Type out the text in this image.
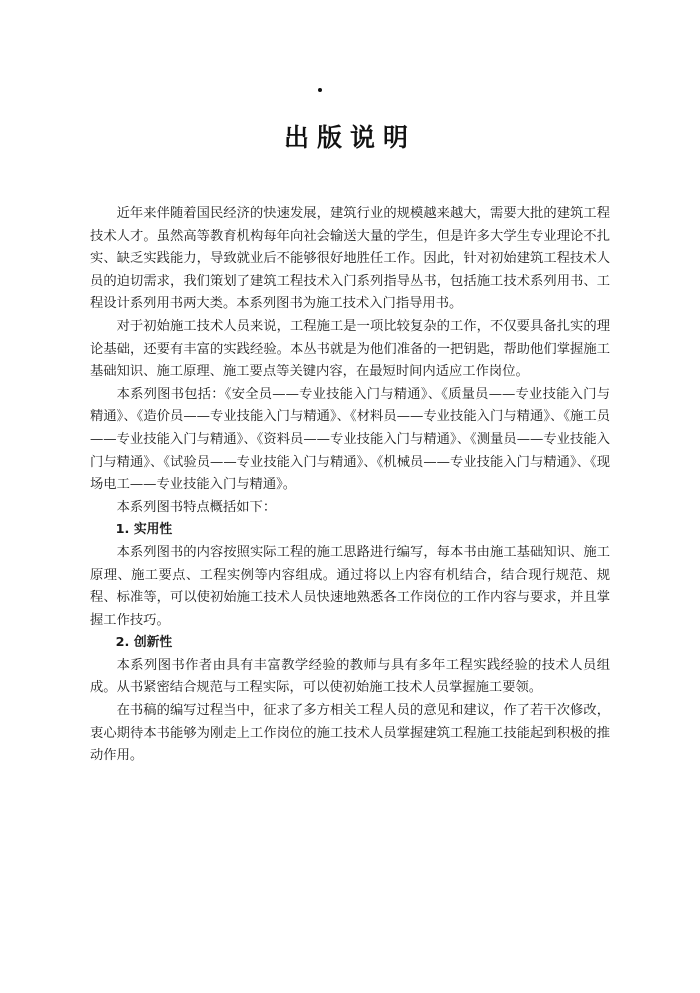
出版说明

近年来伴随着国民经济的快速发展，建筑行业的规模越来越大，需要大批的建筑工程技术人才。虽然高等教育机构每年向社会输送大量的学生，但是许多大学生专业理论不扎实、缺乏实践能力，导致就业后不能够很好地胜任工作。因此，针对初始建筑工程技术人员的迫切需求，我们策划了建筑工程技术入门系列指导丛书，包括施工技术系列用书、工程设计系列用书两大类。本系列图书为施工技术入门指导用书。

对于初始施工技术人员来说，工程施工是一项比较复杂的工作，不仅要具备扎实的理论基础，还要有丰富的实践经验。本丛书就是为他们准备的一把钥匙，帮助他们掌握施工基础知识、施工原理、施工要点等关键内容，在最短时间内适应工作岗位。

本系列图书包括：《安全员——专业技能入门与精通》、《质量员——专业技能入门与精通》、《造价员——专业技能入门与精通》、《材料员——专业技能入门与精通》、《施工员——专业技能入门与精通》、《资料员——专业技能入门与精通》、《测量员——专业技能入门与精通》、《试验员——专业技能入门与精通》、《机械员——专业技能入门与精通》、《现场电工——专业技能入门与精通》。

本系列图书特点概括如下：

1. 实用性

本系列图书的内容按照实际工程的施工思路进行编写，每本书由施工基础知识、施工原理、施工要点、工程实例等内容组成。通过将以上内容有机结合，结合现行规范、规程、标准等，可以使初始施工技术人员快速地熟悉各工作岗位的工作内容与要求，并且掌握工作技巧。

2. 创新性

本系列图书作者由具有丰富教学经验的教师与具有多年工程实践经验的技术人员组成。从书紧密结合规范与工程实际，可以使初始施工技术人员掌握施工要领。

在书稿的编写过程当中，征求了多方相关工程人员的意见和建议，作了若干次修改，衷心期待本书能够为刚走上工作岗位的施工技术人员掌握建筑工程施工技能起到积极的推动作用。
